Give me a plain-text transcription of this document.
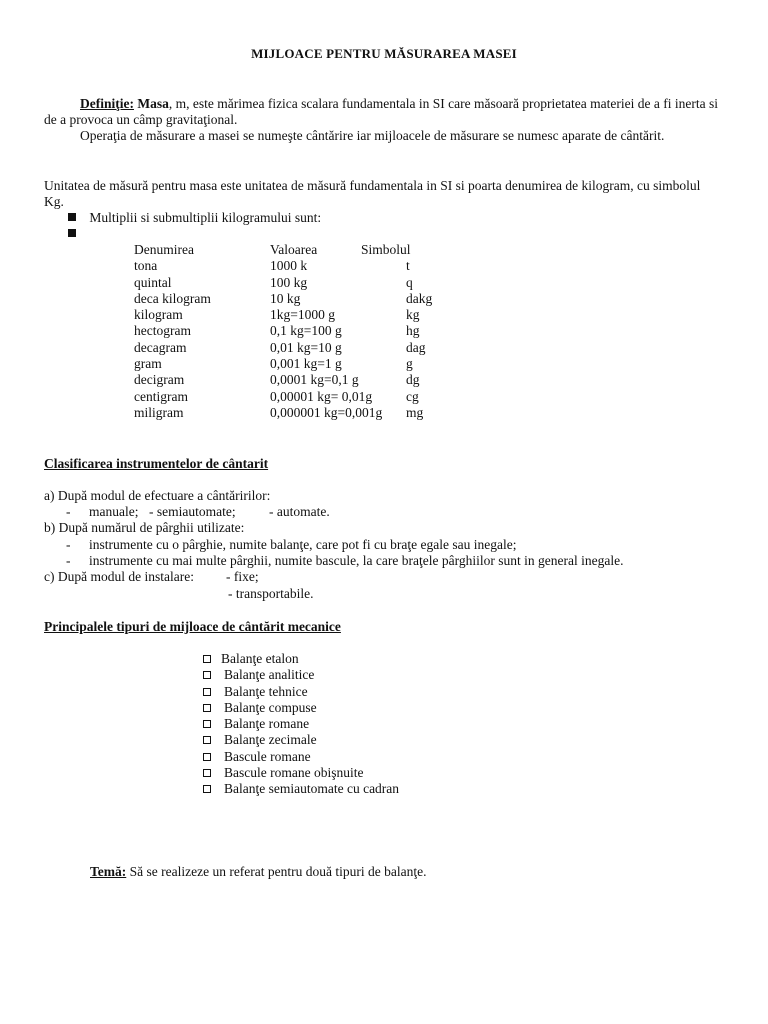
MIJLOACE PENTRU MĂSURAREA MASEI
Definiţie: Masa, m, este mărimea fizica scalara fundamentala in SI care măsoară proprietatea materiei de a fi inerta si
de a provoca un câmp gravitaţional.
Operaţia de măsurare a masei se numeşte cântărire iar mijloacele de măsurare se numesc aparate de cântărit.
Unitatea de măsură pentru masa este unitatea de măsură fundamentala in SI si poarta denumirea de kilogram, cu simbolul
Kg.
Multiplii si submultiplii kilogramului sunt:
Denumirea	Valoarea	Simbolul
tona	1000 k	t
quintal	100 kg	q
deca kilogram	10 kg	dakg
kilogram	1kg=1000 g	kg
hectogram	0,1 kg=100 g	hg
decagram	0,01 kg=10 g	dag
gram	0,001 kg=1 g	g
decigram	0,0001 kg=0,1 g	dg
centigram	0,00001 kg= 0,01g	cg
miligram	0,000001 kg=0,001g mg
Clasificarea instrumentelor de cântarit
a) După modul de efectuare a cântăririlor:
- manuale; - semiautomate; - automate.
b) După numărul de pârghii utilizate:
- instrumente cu o pârghie, numite balanţe, care pot fi cu braţe egale sau inegale;
- instrumente cu mai multe pârghii, numite bascule, la care braţele pârghiilor sunt in general inegale.
c) După modul de instalare: - fixe;
- transportabile.
Principalele tipuri de mijloace de cântărit mecanice
Balanţe etalon
Balanţe analitice
Balanţe tehnice
Balanţe compuse
Balanţe romane
Balanţe zecimale
Bascule romane
Bascule romane obişnuite
Balanţe semiautomate cu cadran
Temă: Să se realizeze un referat pentru două tipuri de balanţe.
